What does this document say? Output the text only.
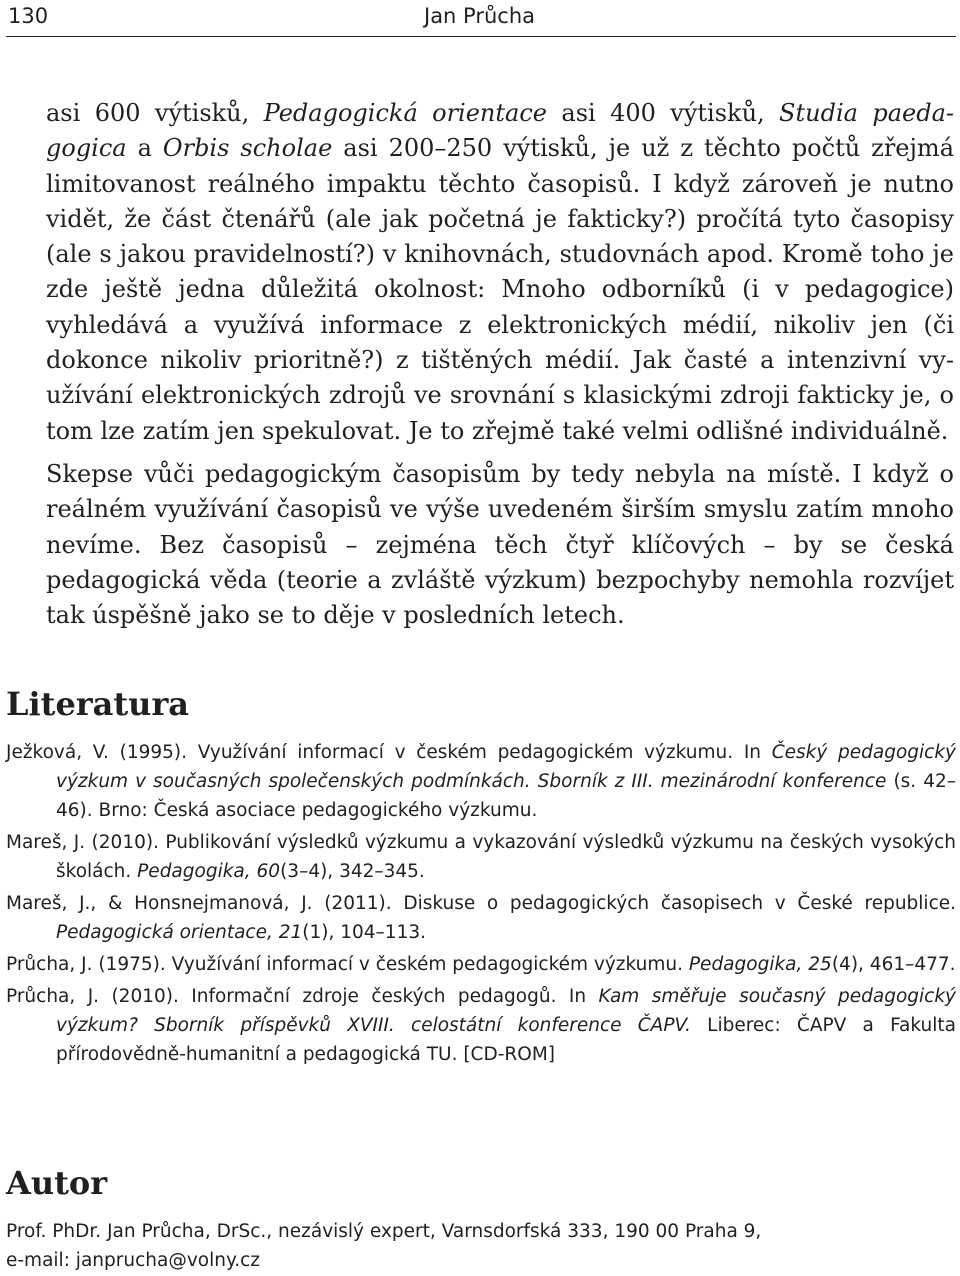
130	Jan Průcha

asi 600 výtisků, Pedagogická orientace asi 400 výtisků, Studia paedagogica a Orbis scholae asi 200–250 výtisků, je už z těchto počtů zřejmá limitovanost reálného impaktu těchto časopisů. I když zároveň je nutno vidět, že část čtenářů (ale jak početná je fakticky?) pročítá tyto časopisy (ale s jakou pravidelností?) v knihovnách, studovnách apod. Kromě toho je zde ještě jedna důležitá okolnost: Mnoho odborníků (i v pedagogice) vyhledává a využívá informace z elektronických médií, nikoliv jen (či dokonce nikoliv prioritně?) z tištěných médií. Jak časté a intenzivní využívání elektronických zdrojů ve srovnání s klasickými zdroji fakticky je, o tom lze zatím jen spekulovat. Je to zřejmě také velmi odlišné individuálně.

Skepse vůči pedagogickým časopisům by tedy nebyla na místě. I když o reálném využívání časopisů ve výše uvedeném širším smyslu zatím mnoho nevíme. Bez časopisů – zejména těch čtyř klíčových – by se česká pedagogická věda (teorie a zvláště výzkum) bezpochyby nemohla rozvíjet tak úspěšně jako se to děje v posledních letech.

Literatura
Ježková, V. (1995). Využívání informací v českém pedagogickém výzkumu. In Český pedagogický výzkum v současných společenských podmínkách. Sborník z III. mezinárodní konference (s. 42–46). Brno: Česká asociace pedagogického výzkumu.
Mareš, J. (2010). Publikování výsledků výzkumu a vykazování výsledků výzkumu na českých vysokých školách. Pedagogika, 60(3–4), 342–345.
Mareš, J., & Honsnejmanová, J. (2011). Diskuse o pedagogických časopisech v České republice. Pedagogická orientace, 21(1), 104–113.
Průcha, J. (1975). Využívání informací v českém pedagogickém výzkumu. Pedagogika, 25(4), 461–477.
Průcha, J. (2010). Informační zdroje českých pedagogů. In Kam směřuje současný pedagogický výzkum? Sborník příspěvků XVIII. celostátní konference ČAPV. Liberec: ČAPV a Fakulta přírodovědně-humanitní a pedagogická TU. [CD-ROM]
Autor
Prof. PhDr. Jan Průcha, DrSc., nezávislý expert, Varnsdorfská 333, 190 00 Praha 9,
e-mail: janprucha@volny.cz
